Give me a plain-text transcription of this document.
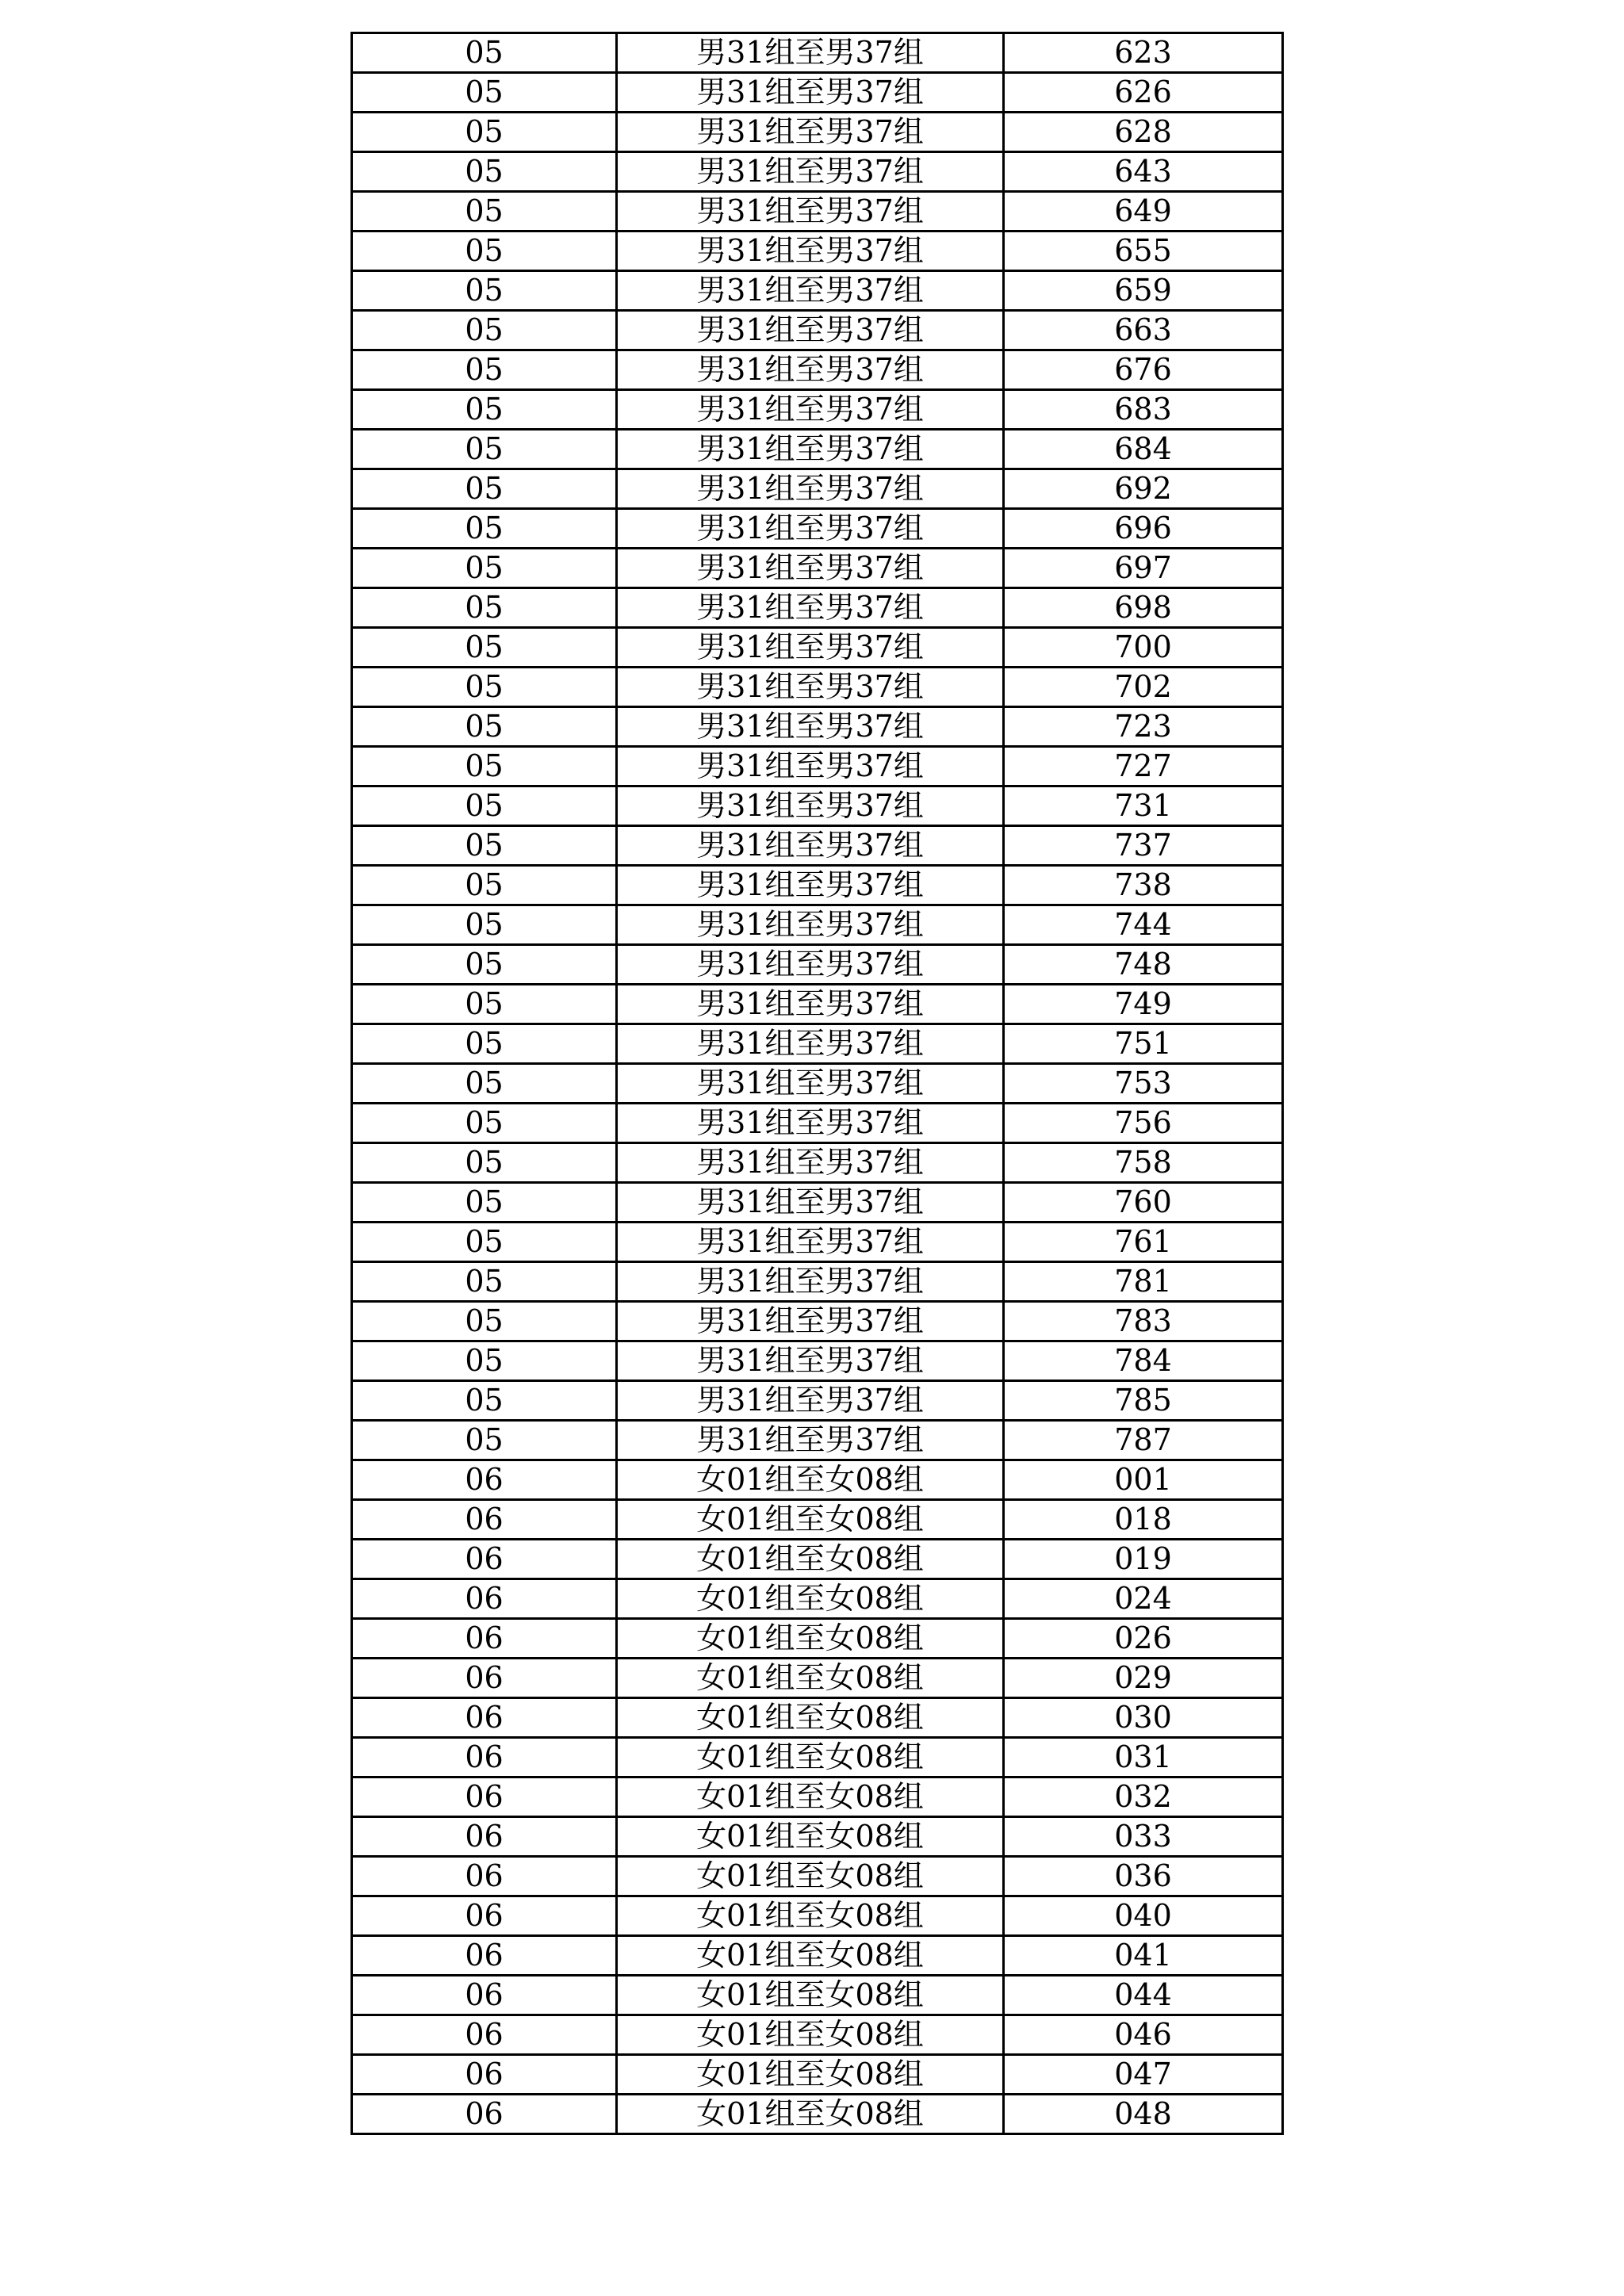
05	男31组至男37组	623
05	男31组至男37组	626
05	男31组至男37组	628
05	男31组至男37组	643
05	男31组至男37组	649
05	男31组至男37组	655
05	男31组至男37组	659
05	男31组至男37组	663
05	男31组至男37组	676
05	男31组至男37组	683
05	男31组至男37组	684
05	男31组至男37组	692
05	男31组至男37组	696
05	男31组至男37组	697
05	男31组至男37组	698
05	男31组至男37组	700
05	男31组至男37组	702
05	男31组至男37组	723
05	男31组至男37组	727
05	男31组至男37组	731
05	男31组至男37组	737
05	男31组至男37组	738
05	男31组至男37组	744
05	男31组至男37组	748
05	男31组至男37组	749
05	男31组至男37组	751
05	男31组至男37组	753
05	男31组至男37组	756
05	男31组至男37组	758
05	男31组至男37组	760
05	男31组至男37组	761
05	男31组至男37组	781
05	男31组至男37组	783
05	男31组至男37组	784
05	男31组至男37组	785
05	男31组至男37组	787
06	女01组至女08组	001
06	女01组至女08组	018
06	女01组至女08组	019
06	女01组至女08组	024
06	女01组至女08组	026
06	女01组至女08组	029
06	女01组至女08组	030
06	女01组至女08组	031
06	女01组至女08组	032
06	女01组至女08组	033
06	女01组至女08组	036
06	女01组至女08组	040
06	女01组至女08组	041
06	女01组至女08组	044
06	女01组至女08组	046
06	女01组至女08组	047
06	女01组至女08组	048
